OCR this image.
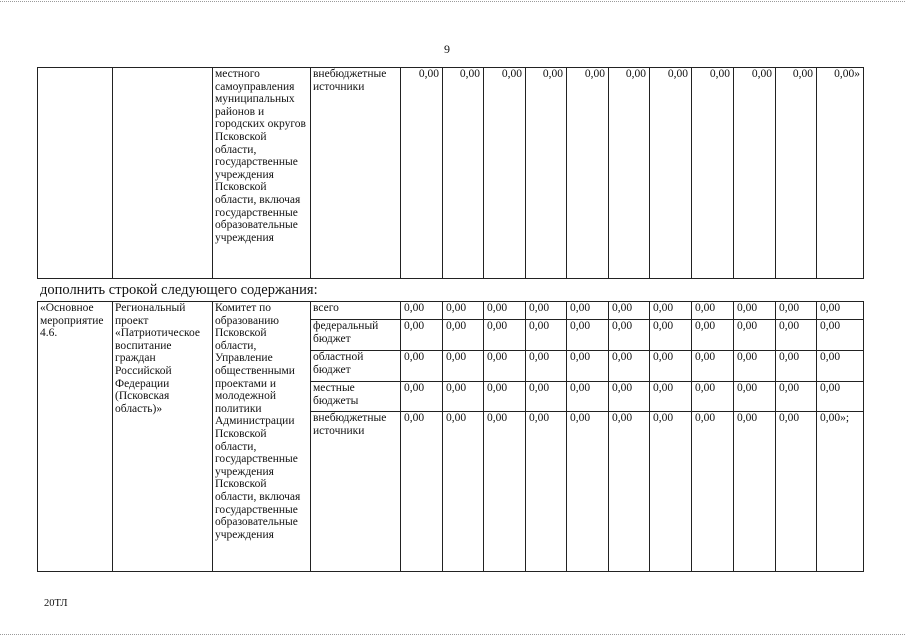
9
		местного самоуправления муниципальных районов и городских округов Псковской области, государственные учреждения Псковской области, включая государственные образовательные учреждения	внебюджетные источники	0,00	0,00	0,00	0,00	0,00	0,00	0,00	0,00	0,00	0,00	0,00»
дополнить строкой следующего содержания:
«Основное мероприятие 4.6.	Региональный проект «Патриотическое воспитание граждан Российской Федерации (Псковская область)»	Комитет по образованию Псковской области, Управление общественными проектами и молодежной политики Администрации Псковской области, государственные учреждения Псковской области, включая государственные образовательные учреждения	всего	0,00	0,00	0,00	0,00	0,00	0,00	0,00	0,00	0,00	0,00	0,00
			федеральный бюджет	0,00	0,00	0,00	0,00	0,00	0,00	0,00	0,00	0,00	0,00	0,00
			областной бюджет	0,00	0,00	0,00	0,00	0,00	0,00	0,00	0,00	0,00	0,00	0,00
			местные бюджеты	0,00	0,00	0,00	0,00	0,00	0,00	0,00	0,00	0,00	0,00	0,00
			внебюджетные источники	0,00	0,00	0,00	0,00	0,00	0,00	0,00	0,00	0,00	0,00	0,00»;
20ТЛ
